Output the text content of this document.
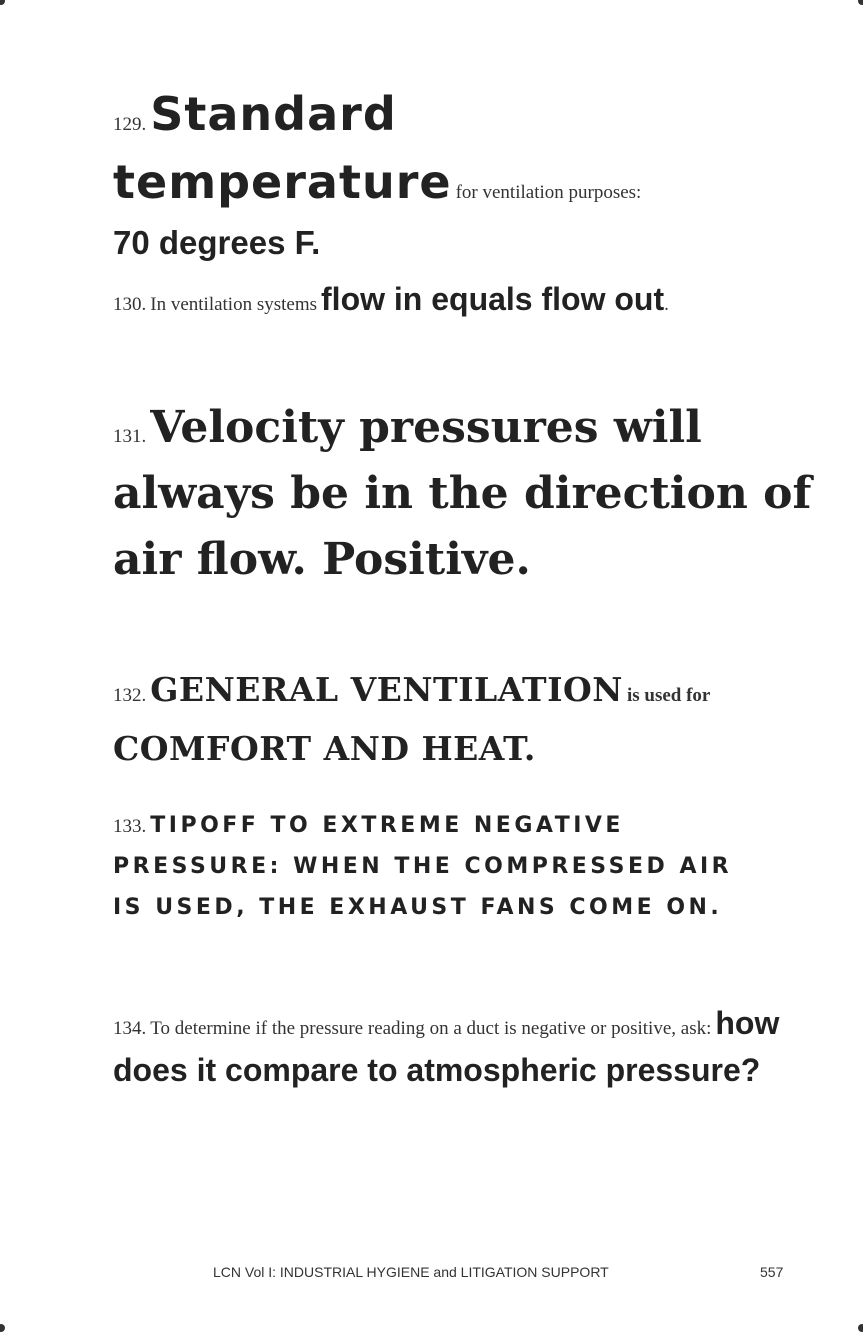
129. Standard
temperature for ventilation purposes:
70 degrees F.
130. In ventilation systems flow in equals flow out.
131. Velocity pressures will always be in the direction of air flow. Positive.
132. GENERAL VENTILATION is used for
COMFORT AND HEAT.
133. TIPOFF TO EXTREME NEGATIVE PRESSURE: WHEN THE COMPRESSED AIR IS USED, THE EXHAUST FANS COME ON.
134. To determine if the pressure reading on a duct is negative or positive, ask: how does it compare to atmospheric pressure?
LCN Vol I: INDUSTRIAL HYGIENE and LITIGATION SUPPORT	557
